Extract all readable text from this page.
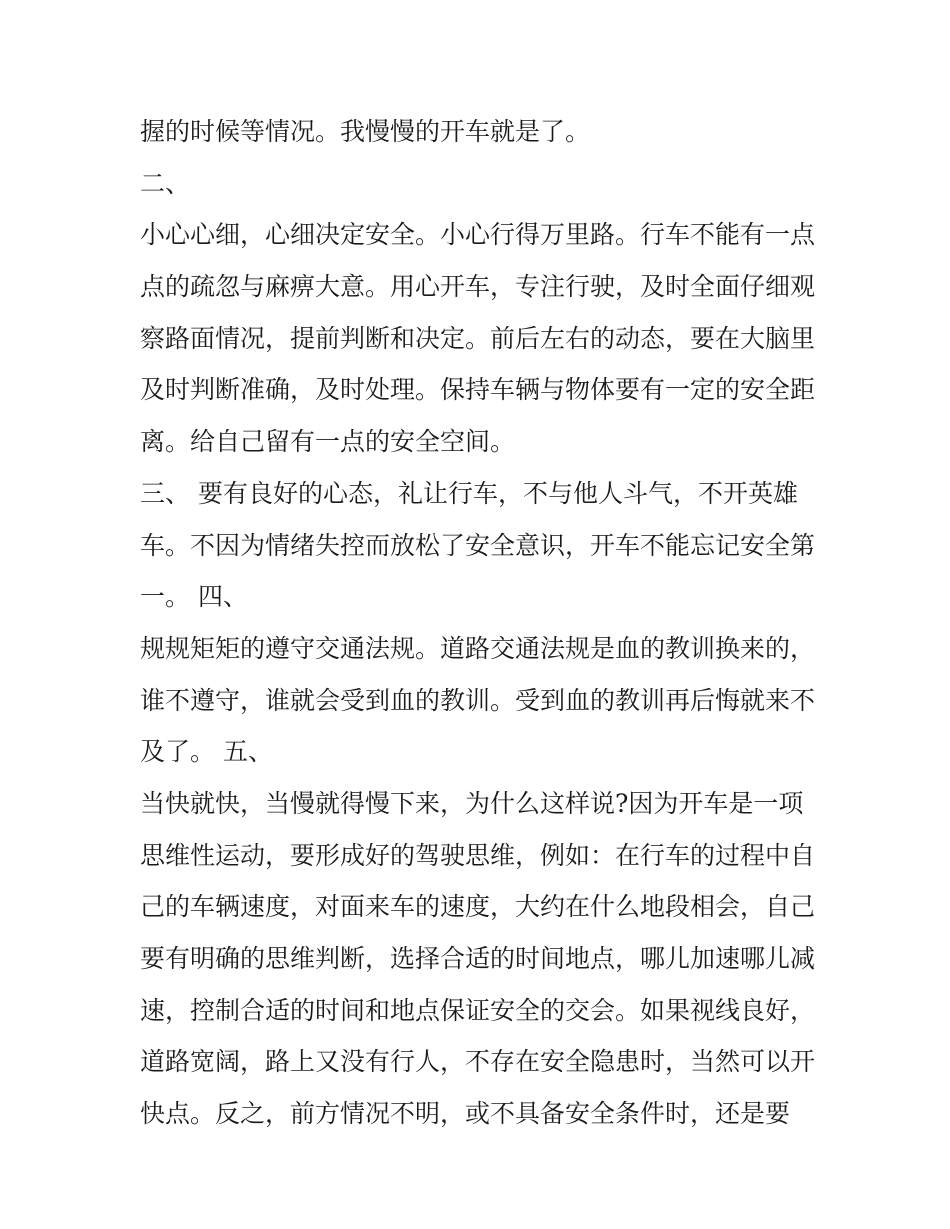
握的时候等情况。我慢慢的开车就是了。
二、
小心心细，心细决定安全。小心行得万里路。行车不能有一点
点的疏忽与麻痹大意。用心开车，专注行驶，及时全面仔细观
察路面情况，提前判断和决定。前后左右的动态，要在大脑里
及时判断准确，及时处理。保持车辆与物体要有一定的安全距
离。给自己留有一点的安全空间。
三、 要有良好的心态，礼让行车，不与他人斗气，不开英雄
车。不因为情绪失控而放松了安全意识，开车不能忘记安全第
一。 四、
规规矩矩的遵守交通法规。道路交通法规是血的教训换来的，
谁不遵守，谁就会受到血的教训。受到血的教训再后悔就来不
及了。 五、
当快就快，当慢就得慢下来，为什么这样说?因为开车是一项
思维性运动，要形成好的驾驶思维，例如：在行车的过程中自
己的车辆速度，对面来车的速度，大约在什么地段相会，自己
要有明确的思维判断，选择合适的时间地点，哪儿加速哪儿减
速，控制合适的时间和地点保证安全的交会。如果视线良好，
道路宽阔，路上又没有行人，不存在安全隐患时，当然可以开
快点。反之，前方情况不明，或不具备安全条件时，还是要
